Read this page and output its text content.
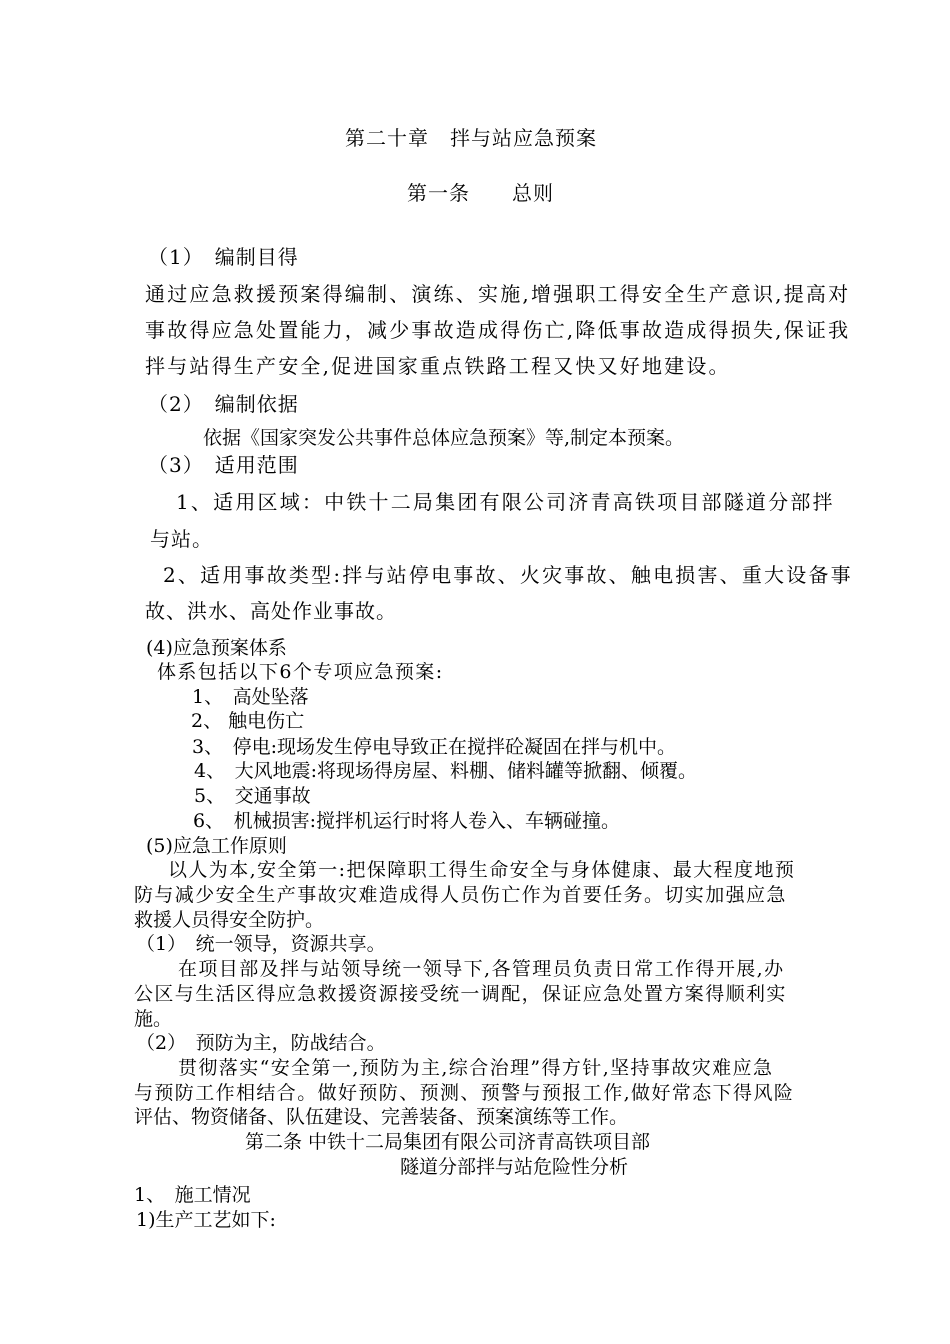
第二十章　拌与站应急预案
第一条　　总则
（1）　编制目得
通过应急救援预案得编制、演练、实施,增强职工得安全生产意识,提高对
事故得应急处置能力，减少事故造成得伤亡,降低事故造成得损失,保证我
拌与站得生产安全,促进国家重点铁路工程又快又好地建设。
（2）　编制依据
依据《国家突发公共事件总体应急预案》等,制定本预案。
（3）　适用范围
1、适用区域：中铁十二局集团有限公司济青高铁项目部隧道分部拌
与站。
2、适用事故类型:拌与站停电事故、火灾事故、触电损害、重大设备事
故、洪水、高处作业事故。
(4)应急预案体系
体系包括以下6个专项应急预案:
1、　高处坠落
2、 触电伤亡
3、　停电:现场发生停电导致正在搅拌砼凝固在拌与机中。
4、　大风地震:将现场得房屋、料棚、储料罐等掀翻、倾覆。
5、　交通事故
6、　机械损害:搅拌机运行时将人卷入、车辆碰撞。
(5)应急工作原则
以人为本,安全第一:把保障职工得生命安全与身体健康、最大程度地预
防与减少安全生产事故灾难造成得人员伤亡作为首要任务。切实加强应急
救援人员得安全防护。
（1）　统一领导，资源共享。
在项目部及拌与站领导统一领导下,各管理员负责日常工作得开展,办
公区与生活区得应急救援资源接受统一调配，保证应急处置方案得顺利实
施。
（2）　预防为主，防战结合。
贯彻落实“安全第一,预防为主,综合治理”得方针,坚持事故灾难应急
与预防工作相结合。做好预防、预测、预警与预报工作,做好常态下得风险
评估、物资储备、队伍建设、完善装备、预案演练等工作。
第二条 中铁十二局集团有限公司济青高铁项目部
隧道分部拌与站危险性分析
1、　施工情况
1)生产工艺如下:
